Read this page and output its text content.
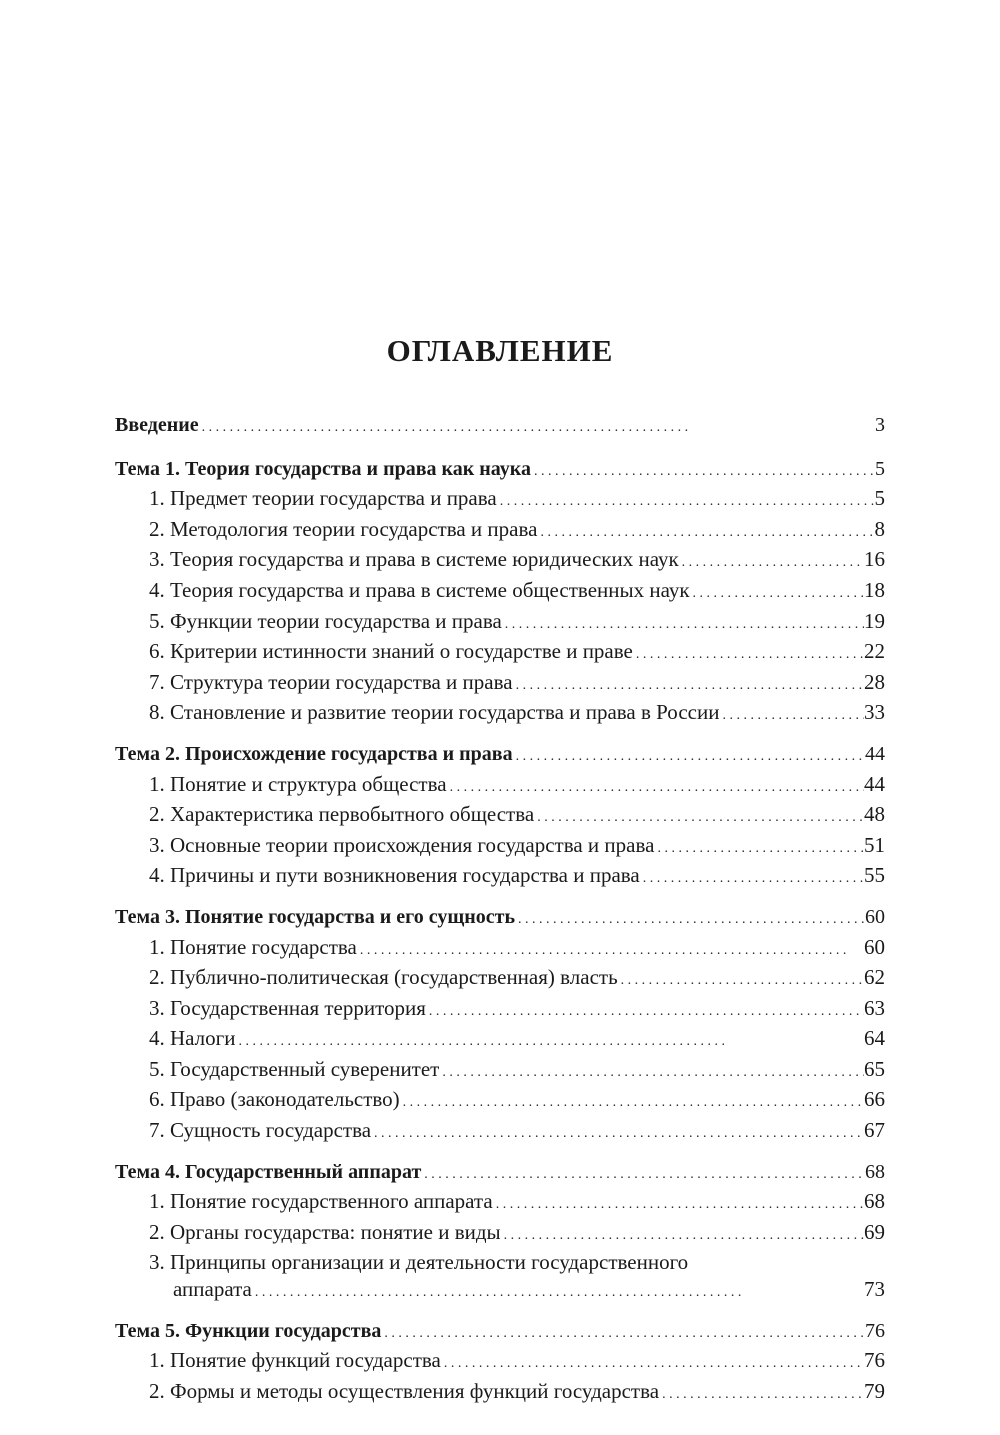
ОГЛАВЛЕНИЕ
Введение . .	3
Тема 1. Теория государства и права как наука . .	5
1. Предмет теории государства и права . .	5
2. Методология теории государства и права . .	8
3. Теория государства и права в системе юридических наук . .	16
4. Теория государства и права в системе общественных наук . .	18
5. Функции теории государства и права . .	19
6. Критерии истинности знаний о государстве и праве . .	22
7. Структура теории государства и права . .	28
8. Становление и развитие теории государства и права в России . .	33
Тема 2. Происхождение государства и права . .	44
1. Понятие и структура общества . .	44
2. Характеристика первобытного общества . .	48
3. Основные теории происхождения государства и права . .	51
4. Причины и пути возникновения государства и права . .	55
Тема 3. Понятие государства и его сущность . .	60
1. Понятие государства . .	60
2. Публично-политическая (государственная) власть . .	62
3. Государственная территория . .	63
4. Налоги . .	64
5. Государственный суверенитет . .	65
6. Право (законодательство) . .	66
7. Сущность государства . .	67
Тема 4. Государственный аппарат . .	68
1. Понятие государственного аппарата . .	68
2. Органы государства: понятие и виды . .	69
3. Принципы организации и деятельности государственного
аппарата . .	73
Тема 5. Функции государства . .	76
1. Понятие функций государства . .	76
2. Формы и методы осуществления функций государства . .	79
